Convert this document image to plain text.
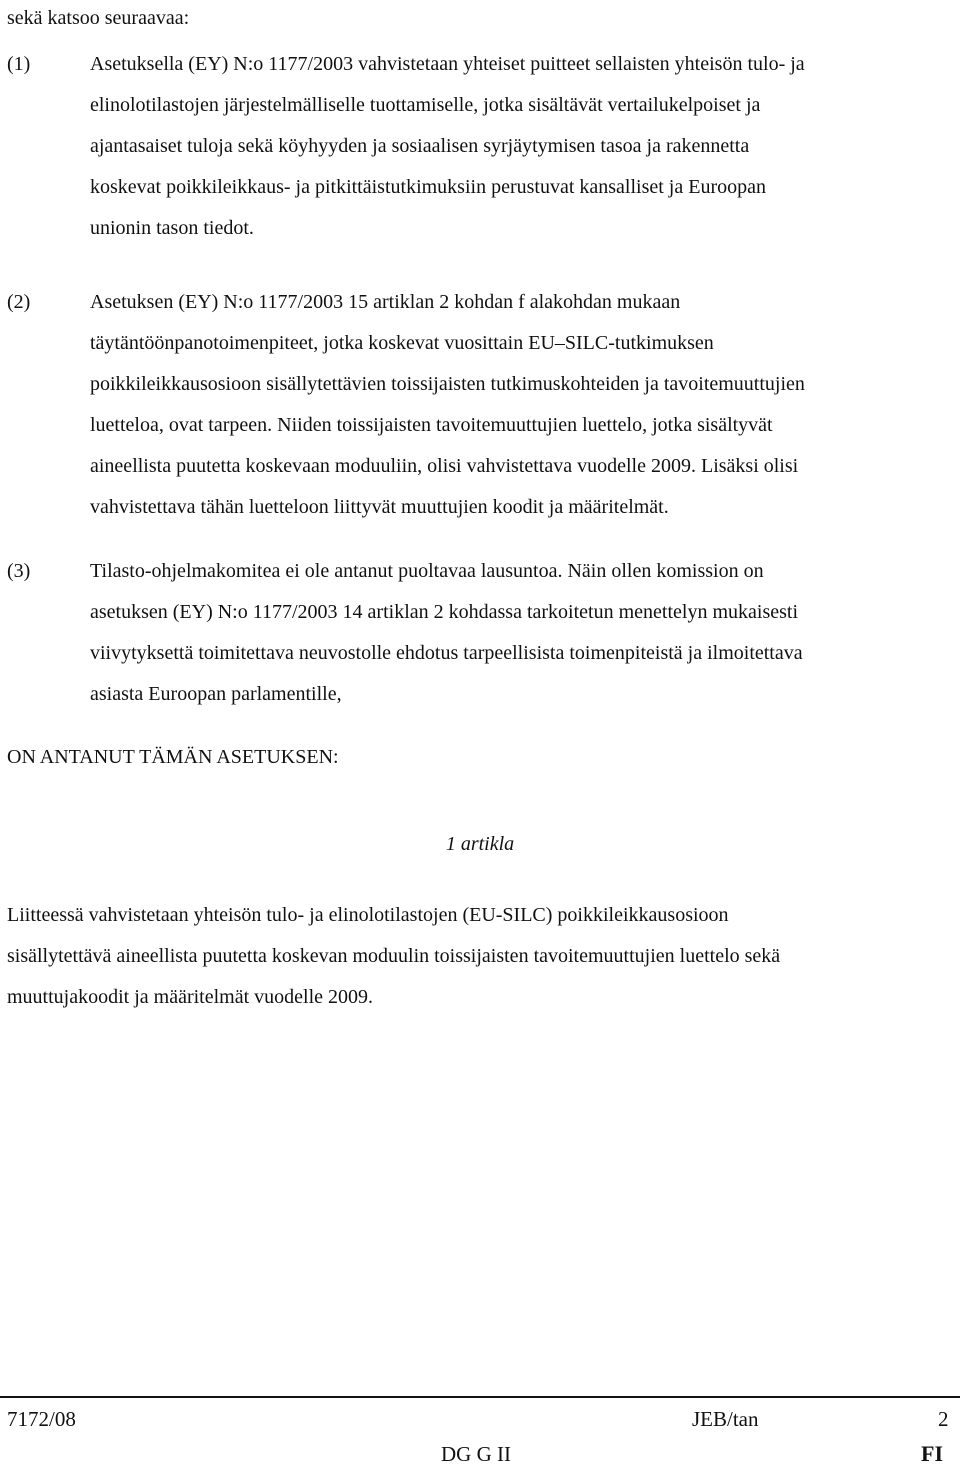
sekä katsoo seuraavaa:
(1)	Asetuksella (EY) N:o 1177/2003 vahvistetaan yhteiset puitteet sellaisten yhteisön tulo- ja
elinolotilastojen järjestelmälliselle tuottamiselle, jotka sisältävät vertailukelpoiset ja
ajantasaiset tuloja sekä köyhyyden ja sosiaalisen syrjäytymisen tasoa ja rakennetta
koskevat poikkileikkaus- ja pitkittäistutkimuksiin perustuvat kansalliset ja Euroopan
unionin tason tiedot.
(2)	Asetuksen (EY) N:o 1177/2003 15 artiklan 2 kohdan f alakohdan mukaan
täytäntöönpanotoimenpiteet, jotka koskevat vuosittain EU–SILC-tutkimuksen
poikkileikkausosioon sisällytettävien toissijaisten tutkimuskohteiden ja tavoitemuuttujien
luetteloa, ovat tarpeen. Niiden toissijaisten tavoitemuuttujien luettelo, jotka sisältyvät
aineellista puutetta koskevaan moduuliin, olisi vahvistettava vuodelle 2009. Lisäksi olisi
vahvistettava tähän luetteloon liittyvät muuttujien koodit ja määritelmät.
(3)	Tilasto-ohjelmakomitea ei ole antanut puoltavaa lausuntoa. Näin ollen komission on
asetuksen (EY) N:o 1177/2003 14 artiklan 2 kohdassa tarkoitetun menettelyn mukaisesti
viivytyksettä toimitettava neuvostolle ehdotus tarpeellisista toimenpiteistä ja ilmoitettava
asiasta Euroopan parlamentille,
ON ANTANUT TÄMÄN ASETUKSEN:
1 artikla
Liitteessä vahvistetaan yhteisön tulo- ja elinolotilastojen (EU-SILC) poikkileikkausosioon
sisällytettävä aineellista puutetta koskevan moduulin toissijaisten tavoitemuuttujien luettelo sekä
muuttujakoodit ja määritelmät vuodelle 2009.
7172/08	JEB/tan	2
DG G II	FI
